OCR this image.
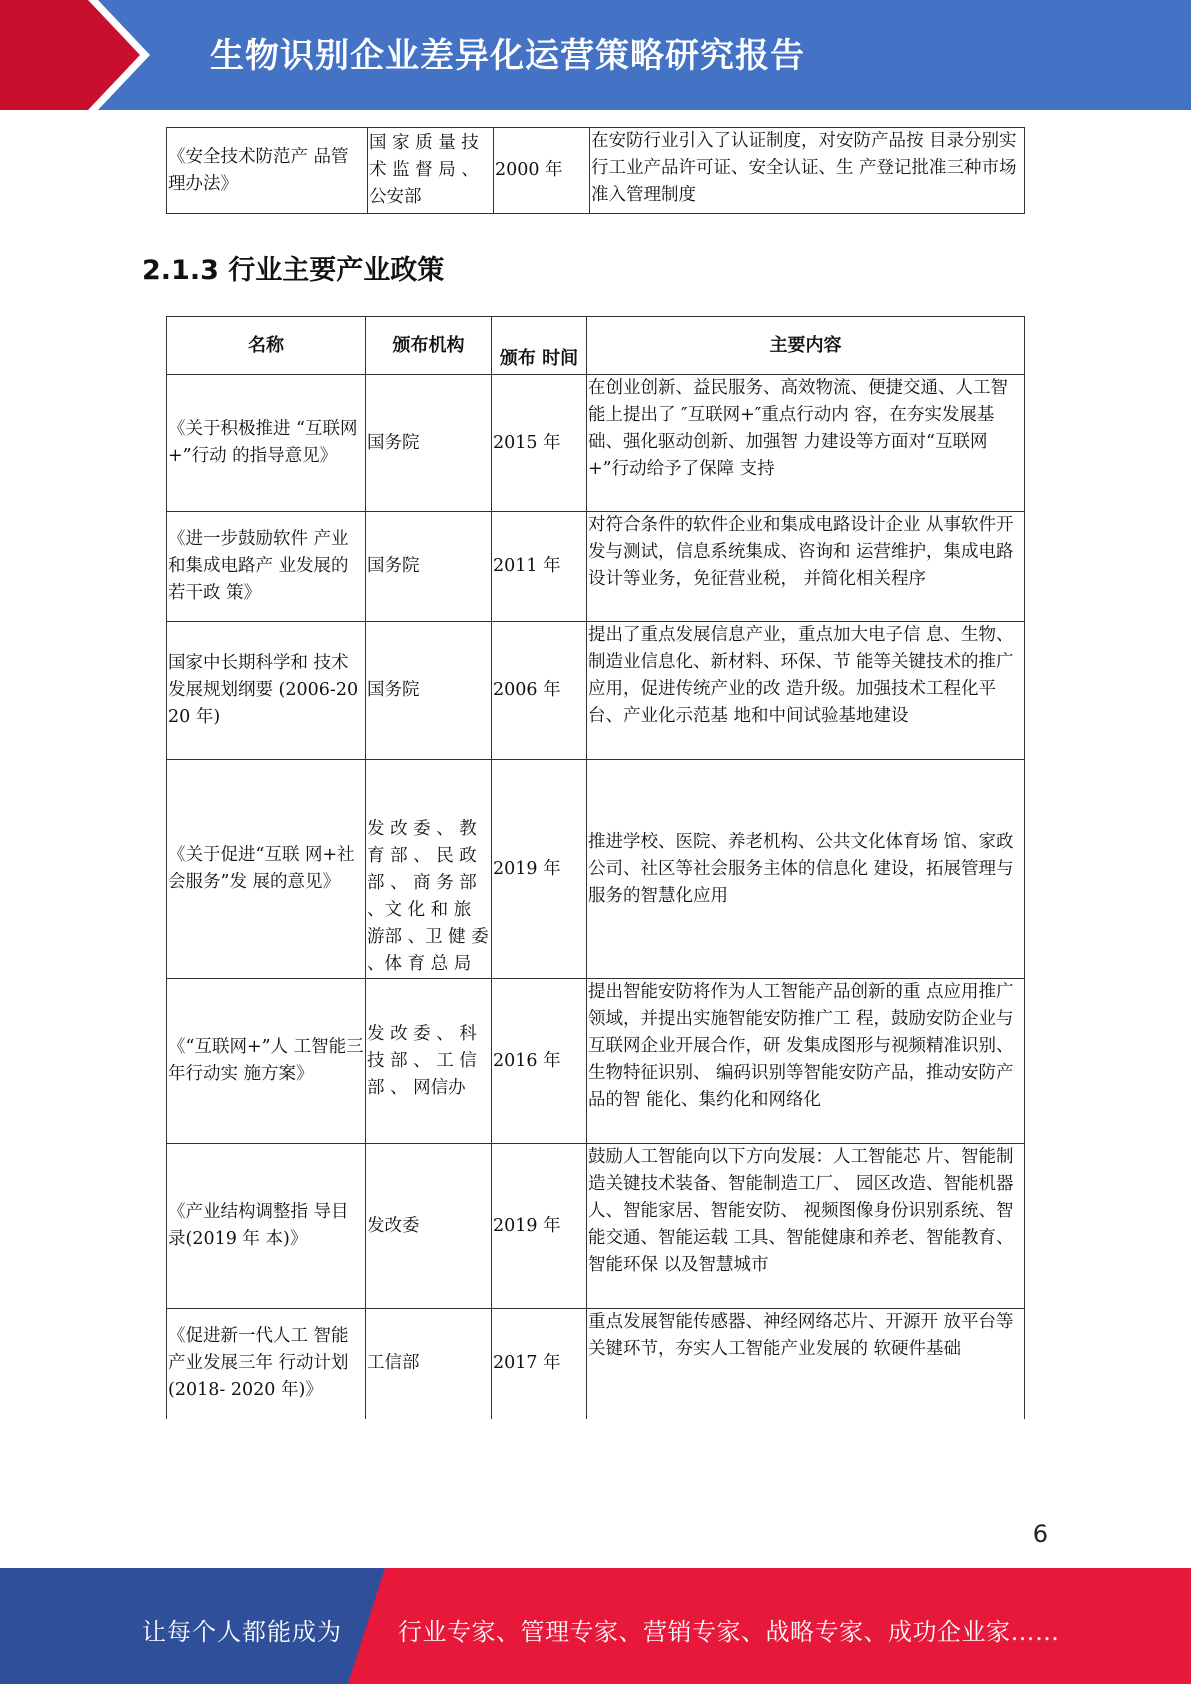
生物识别企业差异化运营策略研究报告
《安全技术防范产 品管理办法》	国 家 质 量 技术 监 督 局 、公安部	2000 年	在安防行业引入了认证制度，对安防产品按 目录分别实行工业产品许可证、安全认证、生 产登记批准三种市场准入管理制度
2.1.3 行业主要产业政策
名称	颁布机构	颁布 时间	主要内容
《关于积极推进 “互联网+”行动 的指导意见》	国务院	2015 年	在创业创新、益民服务、高效物流、便捷交通、人工智能上提出了 ″互联网+″重点行动内 容，在夯实发展基础、强化驱动创新、加强智 力建设等方面对“互联网+”行动给予了保障 支持
《进一步鼓励软件 产业和集成电路产 业发展的若干政 策》	国务院	2011 年	对符合条件的软件企业和集成电路设计企业 从事软件开发与测试，信息系统集成、咨询和 运营维护，集成电路设计等业务，免征营业税， 并简化相关程序
国家中长期科学和 技术发展规划纲要 (2006-2020 年)	国务院	2006 年	提出了重点发展信息产业，重点加大电子信 息、生物、制造业信息化、新材料、环保、节 能等关键技术的推广应用，促进传统产业的改 造升级。加强技术工程化平台、产业化示范基 地和中间试验基地建设
《关于促进“互联 网+社会服务”发 展的意见》	发 改 委 、 教育 部 、 民 政部 、 商 务 部 、文 化 和 旅 游部 、卫 健 委 、体 育 总 局	2019 年	推进学校、医院、养老机构、公共文化体育场 馆、家政公司、社区等社会服务主体的信息化 建设，拓展管理与服务的智慧化应用
《“互联网+”人 工智能三年行动实 施方案》	发 改 委 、 科技 部 、 工 信部 、 网信办	2016 年	提出智能安防将作为人工智能产品创新的重 点应用推广领域，并提出实施智能安防推广工 程，鼓励安防企业与互联网企业开展合作，研 发集成图形与视频精准识别、生物特征识别、 编码识别等智能安防产品，推动安防产品的智 能化、集约化和网络化
《产业结构调整指 导目录(2019 年 本)》	发改委	2019 年	鼓励人工智能向以下方向发展：人工智能芯 片、智能制造关键技术装备、智能制造工厂、 园区改造、智能机器人、智能家居、智能安防、 视频图像身份识别系统、智能交通、智能运载 工具、智能健康和养老、智能教育、智能环保 以及智慧城市
《促进新一代人工 智能产业发展三年 行动计划(2018- 2020 年)》	工信部	2017 年	重点发展智能传感器、神经网络芯片、开源开 放平台等关键环节，夯实人工智能产业发展的 软硬件基础
6
让每个人都能成为 行业专家、管理专家、营销专家、战略专家、成功企业家……
